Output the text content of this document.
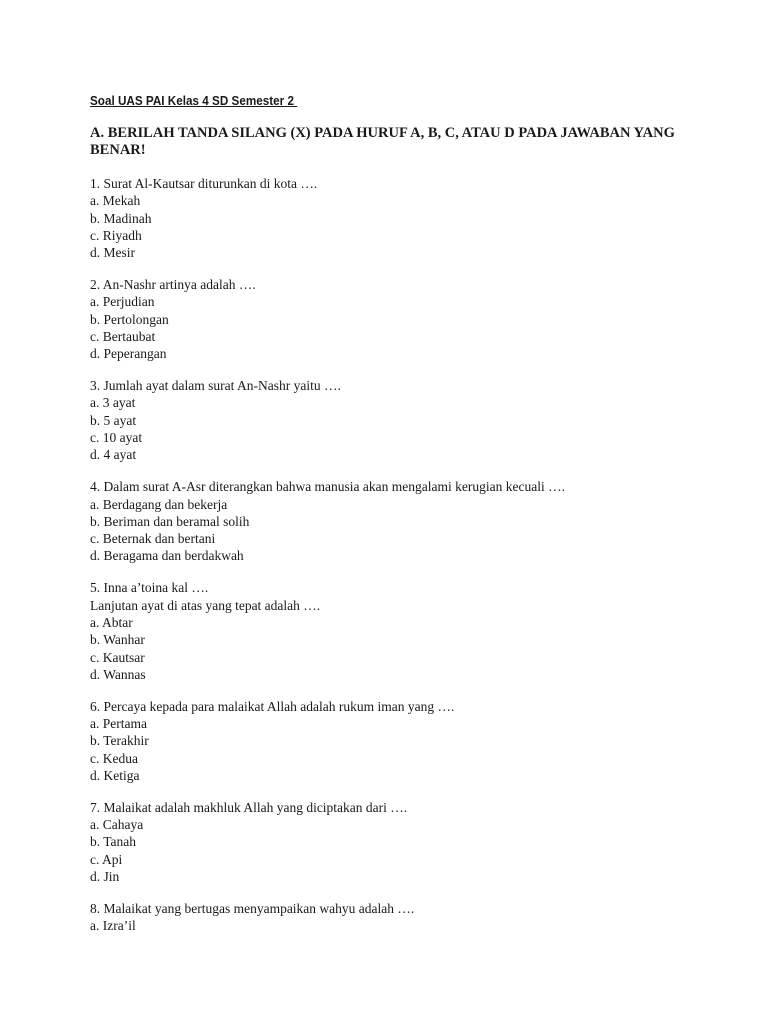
Soal UAS PAI Kelas 4 SD Semester 2

A. BERILAH TANDA SILANG (X) PADA HURUF A, B, C, ATAU D PADA JAWABAN YANG BENAR!

1. Surat Al-Kautsar diturunkan di kota ….
a. Mekah
b. Madinah
c. Riyadh
d. Mesir
2. An-Nashr artinya adalah ….
a. Perjudian
b. Pertolongan
c. Bertaubat
d. Peperangan
3. Jumlah ayat dalam surat An-Nashr yaitu ….
a. 3 ayat
b. 5 ayat
c. 10 ayat
d. 4 ayat
4. Dalam surat A-Asr diterangkan bahwa manusia akan mengalami kerugian kecuali ….
a. Berdagang dan bekerja
b. Beriman dan beramal solih
c. Beternak dan bertani
d. Beragama dan berdakwah
5. Inna a’toina kal ….
Lanjutan ayat di atas yang tepat adalah ….
a. Abtar
b. Wanhar
c. Kautsar
d. Wannas
6. Percaya kepada para malaikat Allah adalah rukum iman yang ….
a. Pertama
b. Terakhir
c. Kedua
d. Ketiga
7. Malaikat adalah makhluk Allah yang diciptakan dari ….
a. Cahaya
b. Tanah
c. Api
d. Jin
8. Malaikat yang bertugas menyampaikan wahyu adalah ….
a. Izra’il
